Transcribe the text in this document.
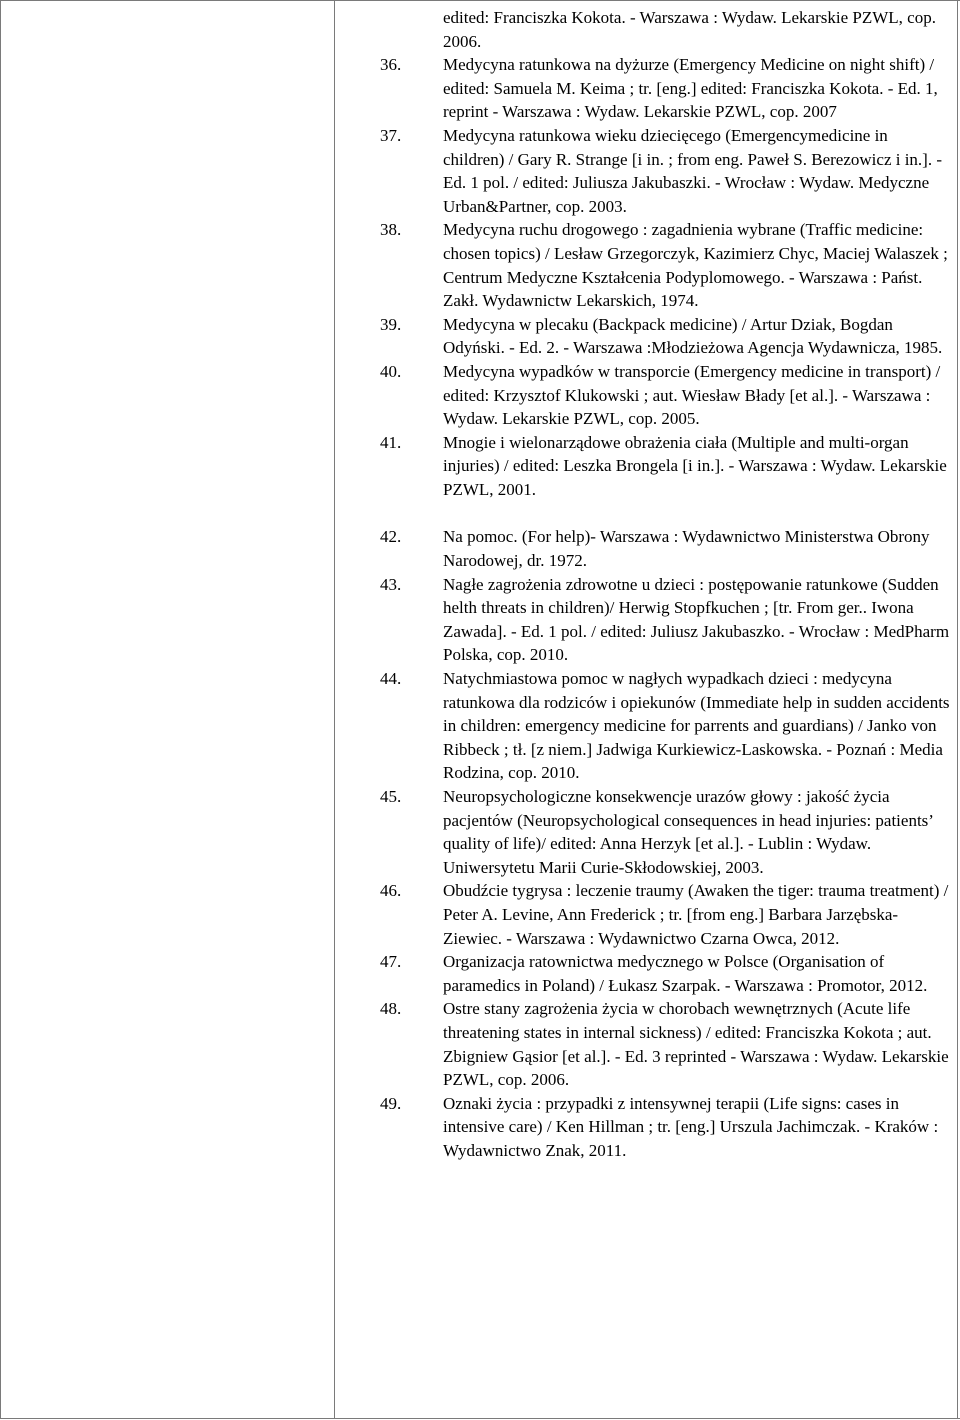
edited: Franciszka Kokota. - Warszawa : Wydaw. Lekarskie PZWL, cop. 2006.
36. Medycyna ratunkowa na dyżurze (Emergency Medicine on night shift) / edited: Samuela M. Keima ; tr. [eng.] edited: Franciszka Kokota. - Ed. 1, reprint - Warszawa : Wydaw. Lekarskie PZWL, cop. 2007
37. Medycyna ratunkowa wieku dziecięcego (Emergencymedicine in children) / Gary R. Strange [i in. ; from eng. Paweł S. Berezowicz i in.]. - Ed. 1 pol. / edited: Juliusza Jakubaszki. - Wrocław : Wydaw. Medyczne Urban&Partner, cop. 2003.
38. Medycyna ruchu drogowego : zagadnienia wybrane (Traffic medicine: chosen topics) / Lesław Grzegorczyk, Kazimierz Chyc, Maciej Walaszek ; Centrum Medyczne Kształcenia Podyplomowego. - Warszawa : Państ. Zakł. Wydawnictw Lekarskich, 1974.
39. Medycyna w plecaku (Backpack medicine) / Artur Dziak, Bogdan Odyński. - Ed. 2. - Warszawa :Młodzieżowa Agencja Wydawnicza, 1985.
40. Medycyna wypadków w transporcie (Emergency medicine in transport) / edited: Krzysztof Klukowski ; aut. Wiesław Błady [et al.]. - Warszawa : Wydaw. Lekarskie PZWL, cop. 2005.
41. Mnogie i wielonarządowe obrażenia ciała (Multiple and multi-organ injuries) / edited: Leszka Brongela [i in.]. - Warszawa : Wydaw. Lekarskie PZWL, 2001.
42. Na pomoc. (For help)- Warszawa : Wydawnictwo Ministerstwa Obrony Narodowej, dr. 1972.
43. Nagłe zagrożenia zdrowotne u dzieci : postępowanie ratunkowe (Sudden helth threats in children)/ Herwig Stopfkuchen ; [tr. From ger.. Iwona Zawada]. - Ed. 1 pol. / edited: Juliusz Jakubaszko. - Wrocław : MedPharm Polska, cop. 2010.
44. Natychmiastowa pomoc w nagłych wypadkach dzieci : medycyna ratunkowa dla rodziców i opiekunów (Immediate help in sudden accidents in children: emergency medicine for parrents and guardians) / Janko von Ribbeck ; tł. [z niem.] Jadwiga Kurkiewicz-Laskowska. - Poznań : Media Rodzina, cop. 2010.
45. Neuropsychologiczne konsekwencje urazów głowy : jakość życia pacjentów (Neuropsychological consequences in head injuries: patients’ quality of life)/ edited: Anna Herzyk [et al.]. - Lublin : Wydaw. Uniwersytetu Marii Curie-Skłodowskiej, 2003.
46. Obudźcie tygrysa : leczenie traumy (Awaken the tiger: trauma treatment) / Peter A. Levine, Ann Frederick ; tr. [from eng.] Barbara Jarzębska-Ziewiec. - Warszawa : Wydawnictwo Czarna Owca, 2012.
47. Organizacja ratownictwa medycznego w Polsce (Organisation of paramedics in Poland) / Łukasz Szarpak. - Warszawa : Promotor, 2012.
48. Ostre stany zagrożenia życia w chorobach wewnętrznych (Acute life threatening states in internal sickness) / edited: Franciszka Kokota ; aut. Zbigniew Gąsior [et al.]. - Ed. 3 reprinted - Warszawa : Wydaw. Lekarskie PZWL, cop. 2006.
49. Oznaki życia : przypadki z intensywnej terapii (Life signs: cases in intensive care) / Ken Hillman ; tr. [eng.] Urszula Jachimczak. - Kraków : Wydawnictwo Znak, 2011.
